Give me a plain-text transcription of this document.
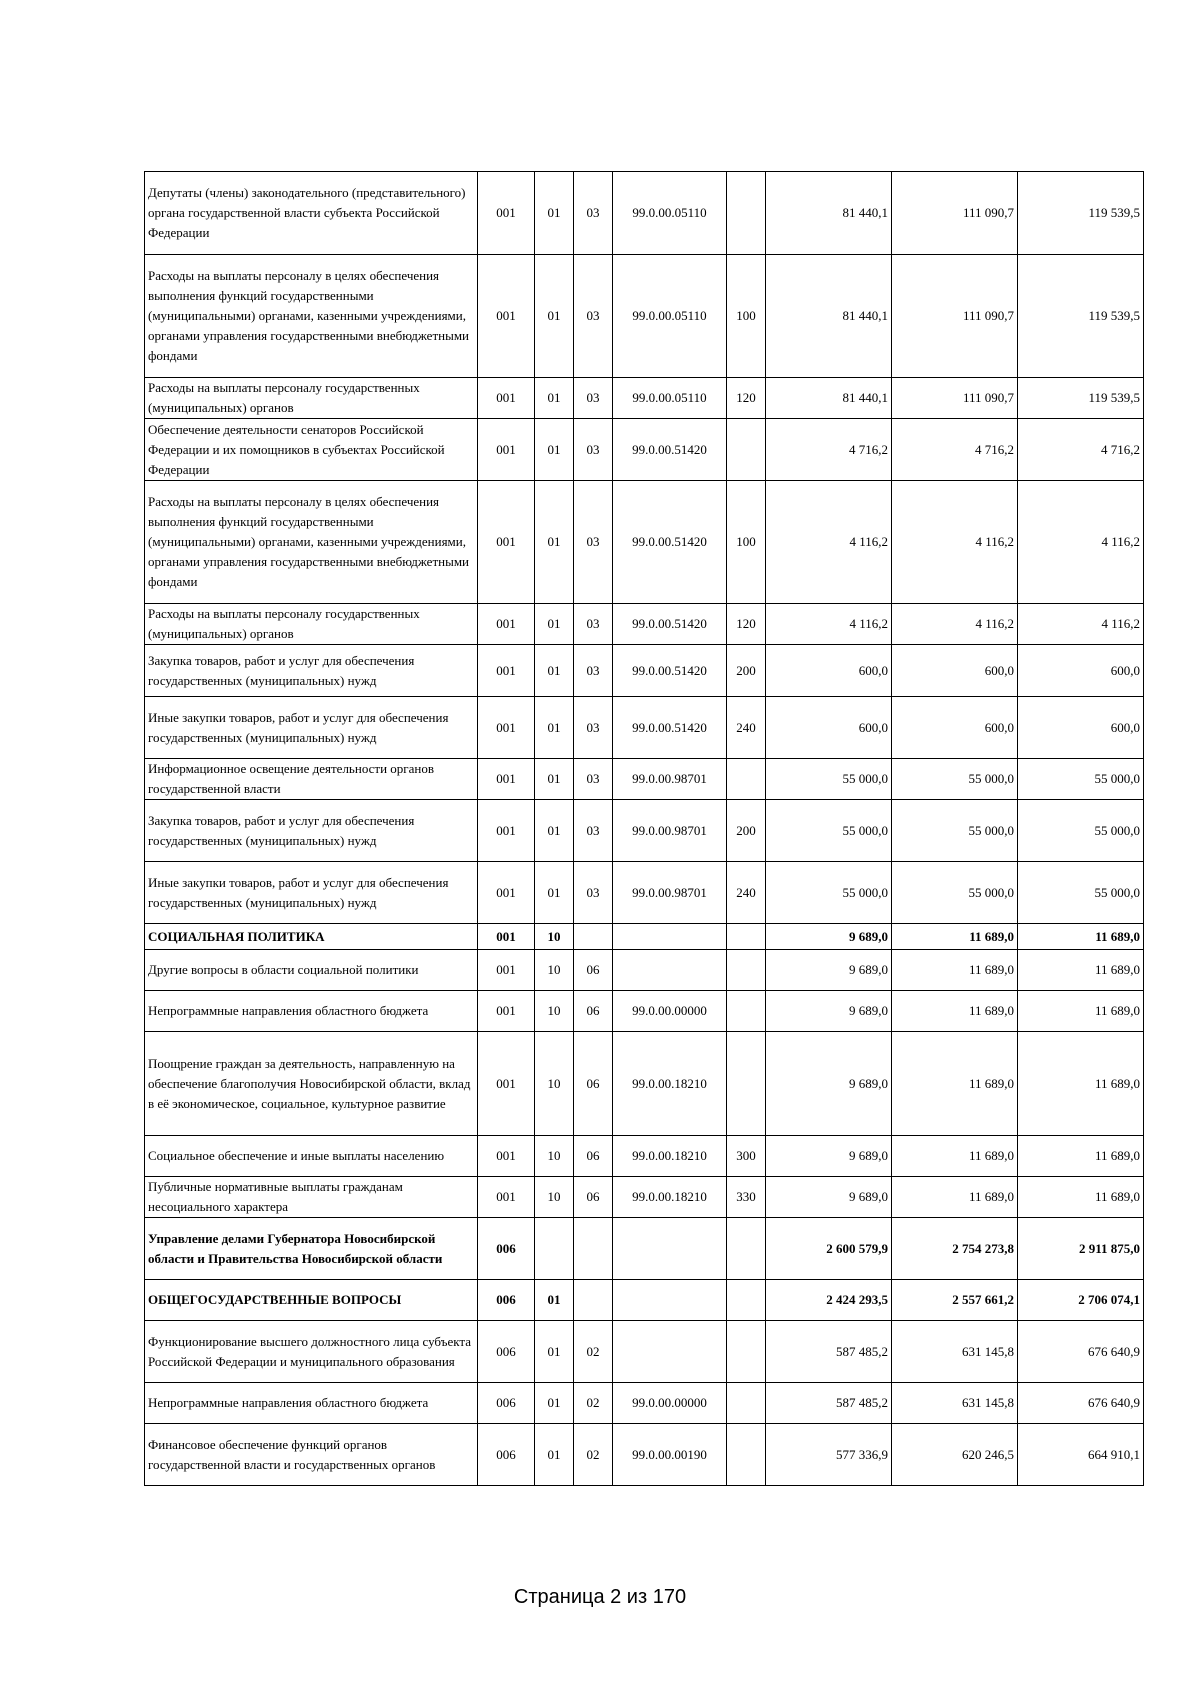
Депутаты (члены) законодательного (представительного) органа государственной власти субъекта Российской Федерации	001	01	03	99.0.00.05110		81 440,1	111 090,7	119 539,5
Расходы на выплаты персоналу в целях обеспечения выполнения функций государственными (муниципальными) органами, казенными учреждениями, органами управления государственными внебюджетными фондами	001	01	03	99.0.00.05110	100	81 440,1	111 090,7	119 539,5
Расходы на выплаты персоналу государственных (муниципальных) органов	001	01	03	99.0.00.05110	120	81 440,1	111 090,7	119 539,5
Обеспечение деятельности сенаторов Российской Федерации и их помощников в субъектах Российской Федерации	001	01	03	99.0.00.51420		4 716,2	4 716,2	4 716,2
Расходы на выплаты персоналу в целях обеспечения выполнения функций государственными (муниципальными) органами, казенными учреждениями, органами управления государственными внебюджетными фондами	001	01	03	99.0.00.51420	100	4 116,2	4 116,2	4 116,2
Расходы на выплаты персоналу государственных (муниципальных) органов	001	01	03	99.0.00.51420	120	4 116,2	4 116,2	4 116,2
Закупка товаров, работ и услуг для обеспечения государственных (муниципальных) нужд	001	01	03	99.0.00.51420	200	600,0	600,0	600,0
Иные закупки товаров, работ и услуг для обеспечения государственных (муниципальных) нужд	001	01	03	99.0.00.51420	240	600,0	600,0	600,0
Информационное освещение деятельности органов государственной власти	001	01	03	99.0.00.98701		55 000,0	55 000,0	55 000,0
Закупка товаров, работ и услуг для обеспечения государственных (муниципальных) нужд	001	01	03	99.0.00.98701	200	55 000,0	55 000,0	55 000,0
Иные закупки товаров, работ и услуг для обеспечения государственных (муниципальных) нужд	001	01	03	99.0.00.98701	240	55 000,0	55 000,0	55 000,0
СОЦИАЛЬНАЯ ПОЛИТИКА	001	10				9 689,0	11 689,0	11 689,0
Другие вопросы в области социальной политики	001	10	06			9 689,0	11 689,0	11 689,0
Непрограммные направления областного бюджета	001	10	06	99.0.00.00000		9 689,0	11 689,0	11 689,0
Поощрение граждан за деятельность, направленную на обеспечение благополучия Новосибирской области, вклад в её экономическое, социальное, культурное развитие	001	10	06	99.0.00.18210		9 689,0	11 689,0	11 689,0
Социальное обеспечение и иные выплаты населению	001	10	06	99.0.00.18210	300	9 689,0	11 689,0	11 689,0
Публичные нормативные выплаты гражданам несоциального характера	001	10	06	99.0.00.18210	330	9 689,0	11 689,0	11 689,0
Управление делами Губернатора Новосибирской области и Правительства Новосибирской области	006					2 600 579,9	2 754 273,8	2 911 875,0
ОБЩЕГОСУДАРСТВЕННЫЕ ВОПРОСЫ	006	01				2 424 293,5	2 557 661,2	2 706 074,1
Функционирование высшего должностного лица субъекта Российской Федерации и муниципального образования	006	01	02			587 485,2	631 145,8	676 640,9
Непрограммные направления областного бюджета	006	01	02	99.0.00.00000		587 485,2	631 145,8	676 640,9
Финансовое обеспечение функций органов государственной власти и государственных органов	006	01	02	99.0.00.00190		577 336,9	620 246,5	664 910,1
Страница 2 из 170
